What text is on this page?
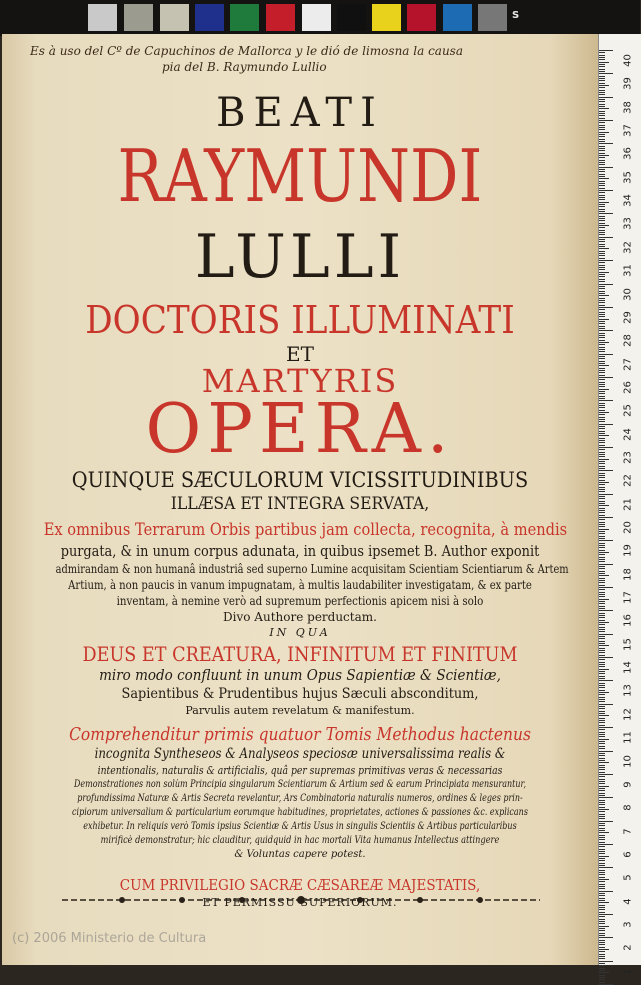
S
Es à uso del Cº de Capuchinos de Mallorca y le dió de limosna la causa
pia del B. Raymundo Lullio
BEATI
RAYMUNDI
LULLI
DOCTORIS ILLUMINATI
ET
MARTYRIS
OPERA.
QUINQUE SÆCULORUM VICISSITUDINIBUS
ILLÆSA ET INTEGRA SERVATA,
Ex omnibus Terrarum Orbis partibus jam collecta, recognita, à mendis
purgata, & in unum corpus adunata, in quibus ipsemet B. Author exponit
admirandam & non humanâ industriâ sed superno Lumine acquisitam Scientiam Scientiarum & Artem
Artium, à non paucis in vanum impugnatam, à multis laudabiliter investigatam, & ex parte
inventam, à nemine verò ad supremum perfectionis apicem nisi à solo
Divo Authore perductam.
IN QUA
DEUS ET CREATURA, INFINITUM ET FINITUM
miro modo confluunt in unum Opus Sapientiæ & Scientiæ,
Sapientibus & Prudentibus hujus Sæculi absconditum,
Parvulis autem revelatum & manifestum.
Comprehenditur primis quatuor Tomis Methodus hactenus
incognita Syntheseos & Analyseos speciosæ universalissima realis &
intentionalis, naturalis & artificialis, quâ per supremas primitivas veras & necessarias
Demonstrationes non solùm Principia singularum Scientiarum & Artium sed & earum Principiata mensurantur,
profundissima Naturæ & Artis Secreta revelantur, Ars Combinatoria naturalis numeros, ordines & leges prin-
cipiorum universalium & particularium eorumque habitudines, proprietates, actiones & passiones &c. explicans
exhibetur. In reliquis verò Tomis ipsius Scientiæ & Artis Usus in singulis Scientiis & Artibus particularibus
mirificè demonstratur; hic clauditur, quidquid in hac mortali Vita humanus Intellectus attingere
& Voluntas capere potest.
CUM PRIVILEGIO SACRÆ CÆSAREÆ MAJESTATIS,
ET PERMISSU SUPERIORUM.
(c) 2006 Ministerio de Cultura
1
2
3
4
5
6
7
8
9
10
11
12
13
14
15
16
17
18
19
20
21
22
23
24
25
26
27
28
29
30
31
32
33
34
35
36
37
38
39
40
